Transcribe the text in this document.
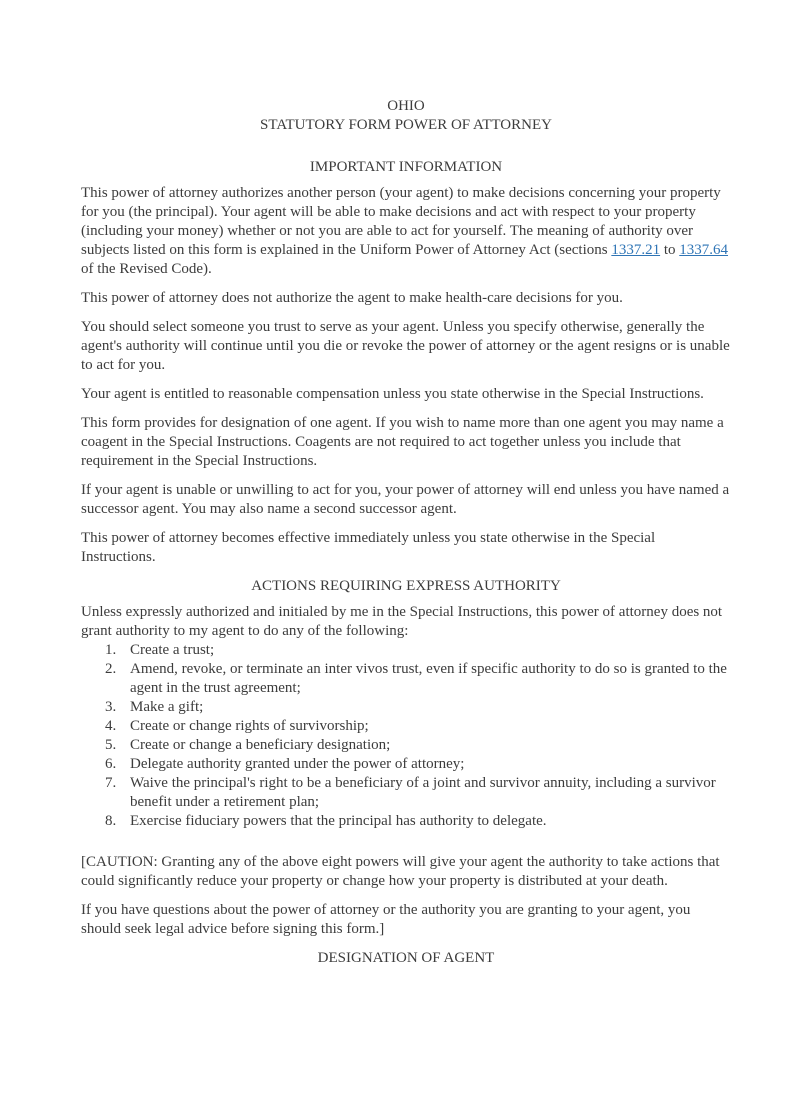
OHIO
STATUTORY FORM POWER OF ATTORNEY
IMPORTANT INFORMATION

This power of attorney authorizes another person (your agent) to make decisions concerning your property for you (the principal). Your agent will be able to make decisions and act with respect to your property (including your money) whether or not you are able to act for yourself. The meaning of authority over subjects listed on this form is explained in the Uniform Power of Attorney Act (sections 1337.21 to 1337.64 of the Revised Code).

This power of attorney does not authorize the agent to make health-care decisions for you.

You should select someone you trust to serve as your agent. Unless you specify otherwise, generally the agent's authority will continue until you die or revoke the power of attorney or the agent resigns or is unable to act for you.

Your agent is entitled to reasonable compensation unless you state otherwise in the Special Instructions.

This form provides for designation of one agent. If you wish to name more than one agent you may name a coagent in the Special Instructions. Coagents are not required to act together unless you include that requirement in the Special Instructions.

If your agent is unable or unwilling to act for you, your power of attorney will end unless you have named a successor agent. You may also name a second successor agent.

This power of attorney becomes effective immediately unless you state otherwise in the Special Instructions.

ACTIONS REQUIRING EXPRESS AUTHORITY

Unless expressly authorized and initialed by me in the Special Instructions, this power of attorney does not grant authority to my agent to do any of the following:

1. Create a trust;
2. Amend, revoke, or terminate an inter vivos trust, even if specific authority to do so is granted to the agent in the trust agreement;
3. Make a gift;
4. Create or change rights of survivorship;
5. Create or change a beneficiary designation;
6. Delegate authority granted under the power of attorney;
7. Waive the principal's right to be a beneficiary of a joint and survivor annuity, including a survivor benefit under a retirement plan;
8. Exercise fiduciary powers that the principal has authority to delegate.

[CAUTION: Granting any of the above eight powers will give your agent the authority to take actions that could significantly reduce your property or change how your property is distributed at your death.

If you have questions about the power of attorney or the authority you are granting to your agent, you should seek legal advice before signing this form.]

DESIGNATION OF AGENT
